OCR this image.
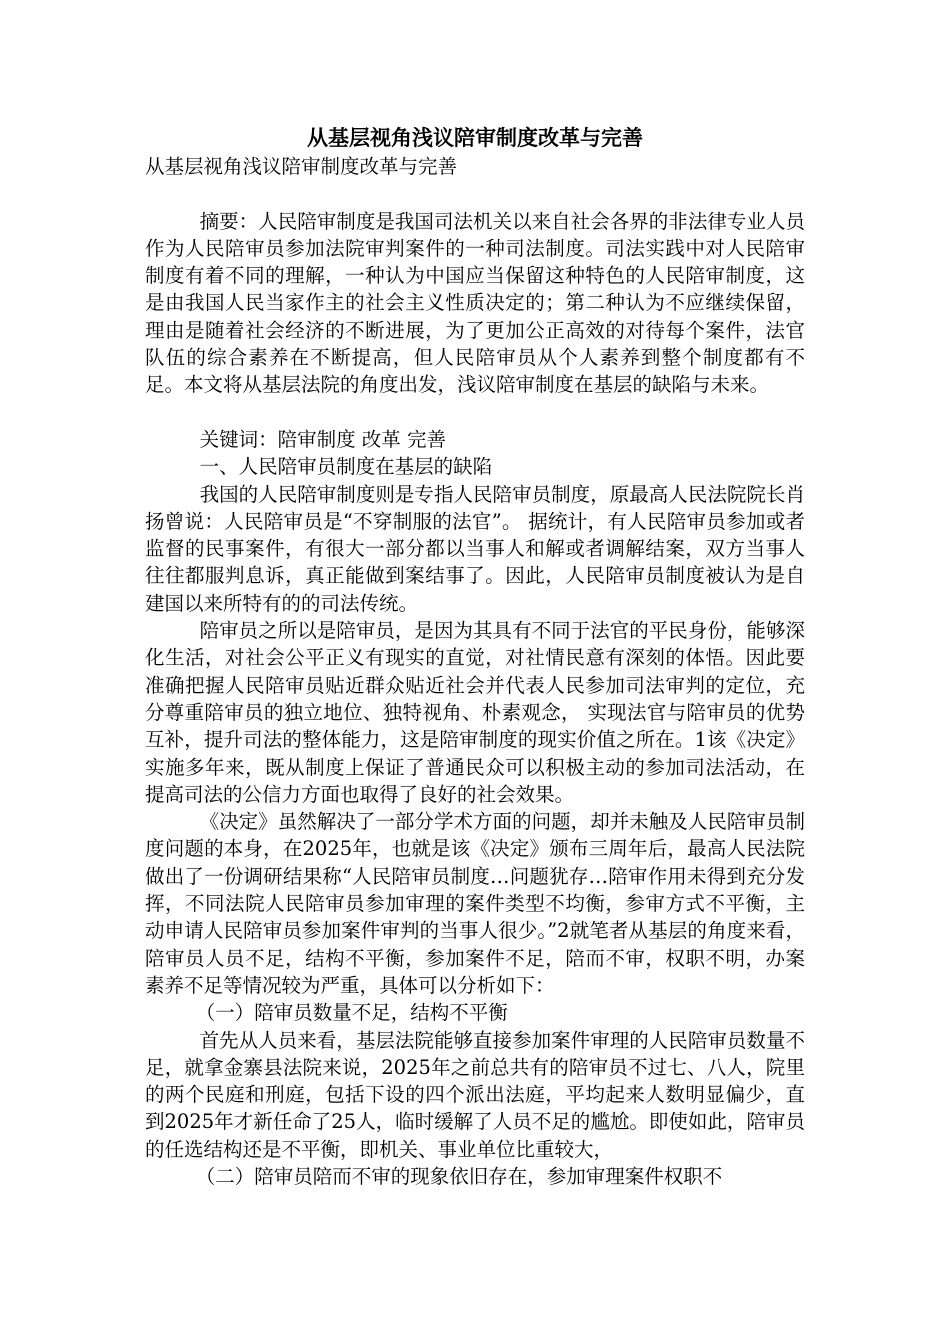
从基层视角浅议陪审制度改革与完善

从基层视角浅议陪审制度改革与完善

摘要：人民陪审制度是我国司法机关以来自社会各界的非法律专业人员作为人民陪审员参加法院审判案件的一种司法制度。司法实践中对人民陪审制度有着不同的理解，一种认为中国应当保留这种特色的人民陪审制度，这是由我国人民当家作主的社会主义性质决定的；第二种认为不应继续保留，理由是随着社会经济的不断进展，为了更加公正高效的对待每个案件，法官队伍的综合素养在不断提高，但人民陪审员从个人素养到整个制度都有不足。本文将从基层法院的角度出发，浅议陪审制度在基层的缺陷与未来。

关键词：陪审制度 改革 完善

一、人民陪审员制度在基层的缺陷

我国的人民陪审制度则是专指人民陪审员制度，原最高人民法院院长肖扬曾说：人民陪审员是“不穿制服的法官”。 据统计，有人民陪审员参加或者监督的民事案件，有很大一部分都以当事人和解或者调解结案，双方当事人往往都服判息诉，真正能做到案结事了。因此，人民陪审员制度被认为是自建国以来所特有的的司法传统。

陪审员之所以是陪审员，是因为其具有不同于法官的平民身份，能够深化生活，对社会公平正义有现实的直觉，对社情民意有深刻的体悟。因此要准确把握人民陪审员贴近群众贴近社会并代表人民参加司法审判的定位，充分尊重陪审员的独立地位、独特视角、朴素观念， 实现法官与陪审员的优势互补，提升司法的整体能力，这是陪审制度的现实价值之所在。1该《决定》实施多年来，既从制度上保证了普通民众可以积极主动的参加司法活动，在提高司法的公信力方面也取得了良好的社会效果。

《决定》虽然解决了一部分学术方面的问题，却并未触及人民陪审员制度问题的本身，在2025年，也就是该《决定》颁布三周年后，最高人民法院做出了一份调研结果称“人民陪审员制度…问题犹存…陪审作用未得到充分发挥，不同法院人民陪审员参加审理的案件类型不均衡，参审方式不平衡，主动申请人民陪审员参加案件审判的当事人很少。”2就笔者从基层的角度来看，陪审员人员不足，结构不平衡，参加案件不足，陪而不审，权职不明，办案素养不足等情况较为严重，具体可以分析如下：

（一）陪审员数量不足，结构不平衡

首先从人员来看，基层法院能够直接参加案件审理的人民陪审员数量不足，就拿金寨县法院来说，2025年之前总共有的陪审员不过七、八人，院里的两个民庭和刑庭，包括下设的四个派出法庭，平均起来人数明显偏少，直到2025年才新任命了25人，临时缓解了人员不足的尴尬。即使如此，陪审员的任选结构还是不平衡，即机关、事业单位比重较大，

（二）陪审员陪而不审的现象依旧存在，参加审理案件权职不
